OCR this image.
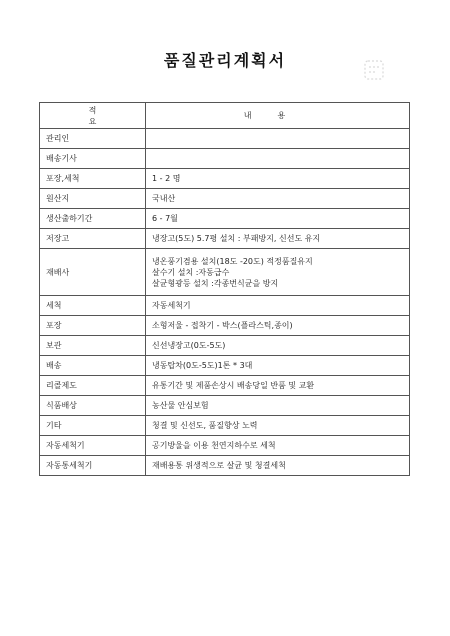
품질관리계획서
적요	내용
관리인	

배송기사	

포장,세척	1 - 2 명

원산지	국내산

생산출하기간	6 - 7월

저장고	냉장고(5도) 5.7평 설치 : 부패방지, 신선도 유지

재배사	냉온풍기겸용 설치(18도 -20도) 적정품질유지
살수기 설치 :자동급수
살균형광등 설치 :각종번식균을 방지

세척	자동세척기

포장	소형저울 - 접착기 - 박스(플라스틱,종이)

보관	신선냉장고(0도-5도)

배송	냉동탑차(0도-5도)1톤 * 3대

리콜제도	유통기간 및 제품손상시 배송당일 반품 및 교환

식품배상	농산물 안심보험

기타	청결 및 신선도, 품질향상 노력

자동세척기	공기방울을 이용 천연지하수로 세척

자동통세척기	재배용통 위생적으로 살균 및 청결세척
